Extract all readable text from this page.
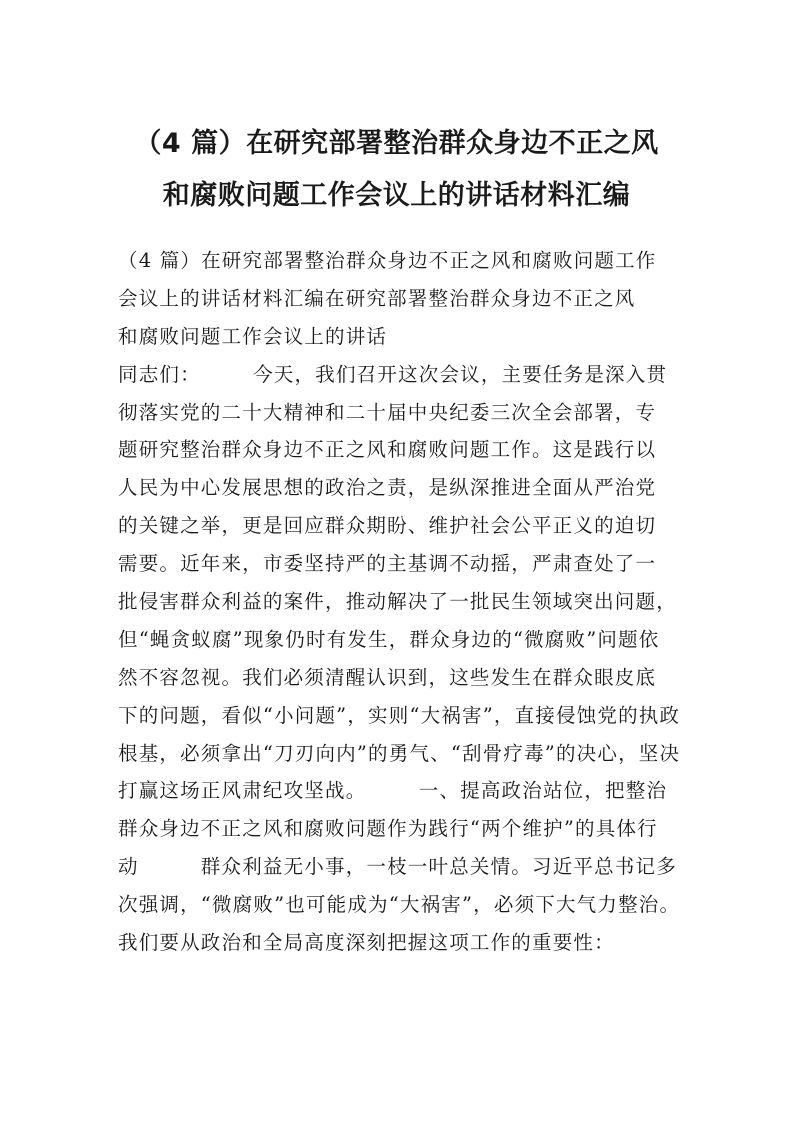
（4 篇）在研究部署整治群众身边不正之风
和腐败问题工作会议上的讲话材料汇编
（4 篇）在研究部署整治群众身边不正之风和腐败问题工作
会议上的讲话材料汇编在研究部署整治群众身边不正之风
和腐败问题工作会议上的讲话
同志们：　　　今天，我们召开这次会议，主要任务是深入贯
彻落实党的二十大精神和二十届中央纪委三次全会部署，专
题研究整治群众身边不正之风和腐败问题工作。这是践行以
人民为中心发展思想的政治之责，是纵深推进全面从严治党
的关键之举，更是回应群众期盼、维护社会公平正义的迫切
需要。近年来，市委坚持严的主基调不动摇，严肃查处了一
批侵害群众利益的案件，推动解决了一批民生领域突出问题，
但“蝇贪蚁腐”现象仍时有发生，群众身边的“微腐败”问题依
然不容忽视。我们必须清醒认识到，这些发生在群众眼皮底
下的问题，看似“小问题”，实则“大祸害”，直接侵蚀党的执政
根基，必须拿出“刀刃向内”的勇气、“刮骨疗毒”的决心，坚决
打赢这场正风肃纪攻坚战。　　　一、提高政治站位，把整治
群众身边不正之风和腐败问题作为践行“两个维护”的具体行
动　　　群众利益无小事，一枝一叶总关情。习近平总书记多
次强调，“微腐败”也可能成为“大祸害”，必须下大气力整治。
我们要从政治和全局高度深刻把握这项工作的重要性：
